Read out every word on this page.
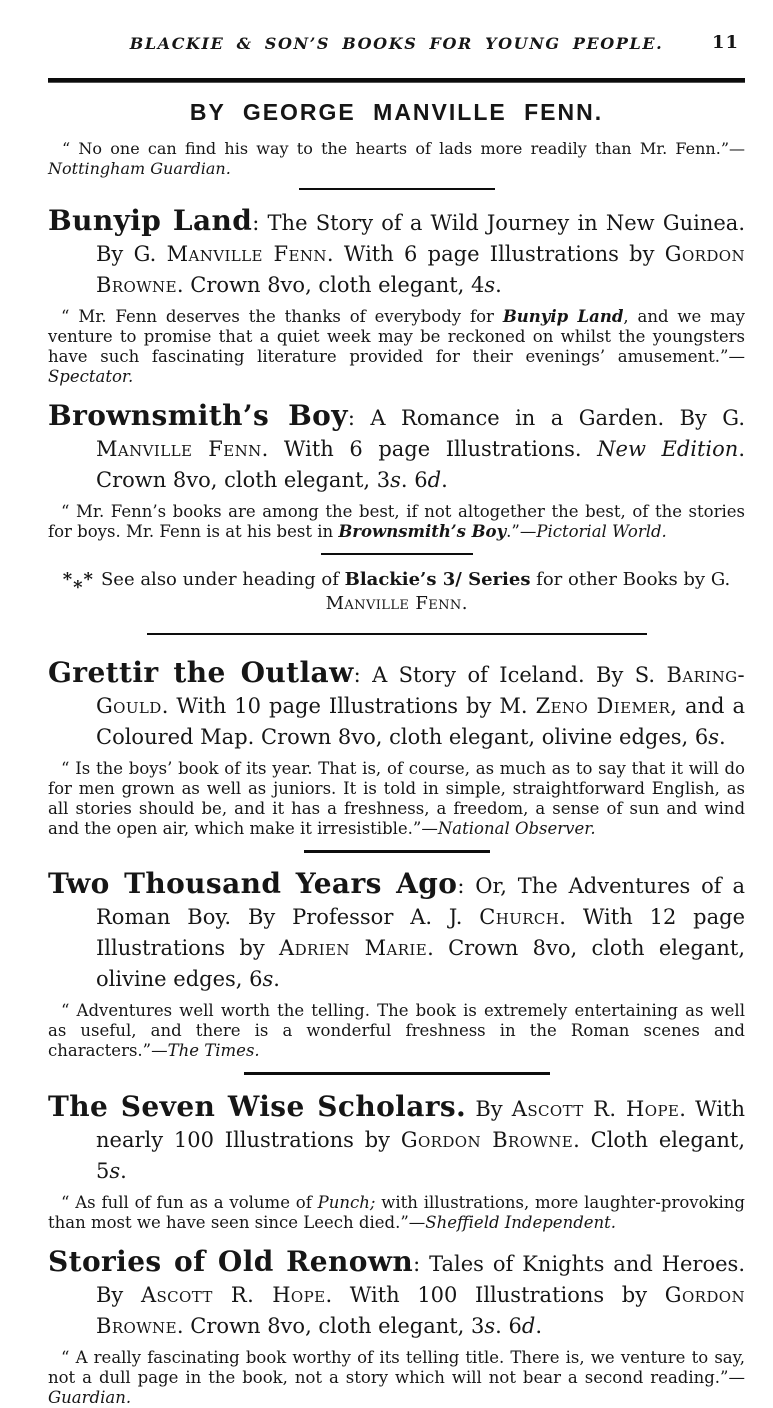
BLACKIE & SON’S BOOKS FOR YOUNG PEOPLE.	11
BY GEORGE MANVILLE FENN.

“ No one can find his way to the hearts of lads more readily than Mr. Fenn.”—Nottingham Guardian.

Bunyip Land: The Story of a Wild Journey in New Guinea. By G. Manville Fenn. With 6 page Illustrations by Gordon Browne. Crown 8vo, cloth elegant, 4s.

“ Mr. Fenn deserves the thanks of everybody for Bunyip Land, and we may venture to promise that a quiet week may be reckoned on whilst the youngsters have such fascinating literature provided for their evenings’ amusement.”—Spectator.

Brownsmith’s Boy: A Romance in a Garden. By G. Manville Fenn. With 6 page Illustrations. New Edition. Crown 8vo, cloth elegant, 3s. 6d.

“ Mr. Fenn’s books are among the best, if not altogether the best, of the stories for boys. Mr. Fenn is at his best in Brownsmith’s Boy.”—Pictorial World.

*** See also under heading of Blackie’s 3/ Series for other Books by G. Manville Fenn.

Grettir the Outlaw: A Story of Iceland. By S. Baring-Gould. With 10 page Illustrations by M. Zeno Diemer, and a Coloured Map. Crown 8vo, cloth elegant, olivine edges, 6s.

“ Is the boys’ book of its year. That is, of course, as much as to say that it will do for men grown as well as juniors. It is told in simple, straightforward English, as all stories should be, and it has a freshness, a freedom, a sense of sun and wind and the open air, which make it irresistible.”—National Observer.

Two Thousand Years Ago: Or, The Adventures of a Roman Boy. By Professor A. J. Church. With 12 page Illustrations by Adrien Marie. Crown 8vo, cloth elegant, olivine edges, 6s.

“ Adventures well worth the telling. The book is extremely entertaining as well as useful, and there is a wonderful freshness in the Roman scenes and characters.”—The Times.

The Seven Wise Scholars. By Ascott R. Hope. With nearly 100 Illustrations by Gordon Browne. Cloth elegant, 5s.

“ As full of fun as a volume of Punch; with illustrations, more laughter-provoking than most we have seen since Leech died.”—Sheffield Independent.

Stories of Old Renown: Tales of Knights and Heroes. By Ascott R. Hope. With 100 Illustrations by Gordon Browne. Crown 8vo, cloth elegant, 3s. 6d.

“ A really fascinating book worthy of its telling title. There is, we venture to say, not a dull page in the book, not a story which will not bear a second reading.”—Guardian.
